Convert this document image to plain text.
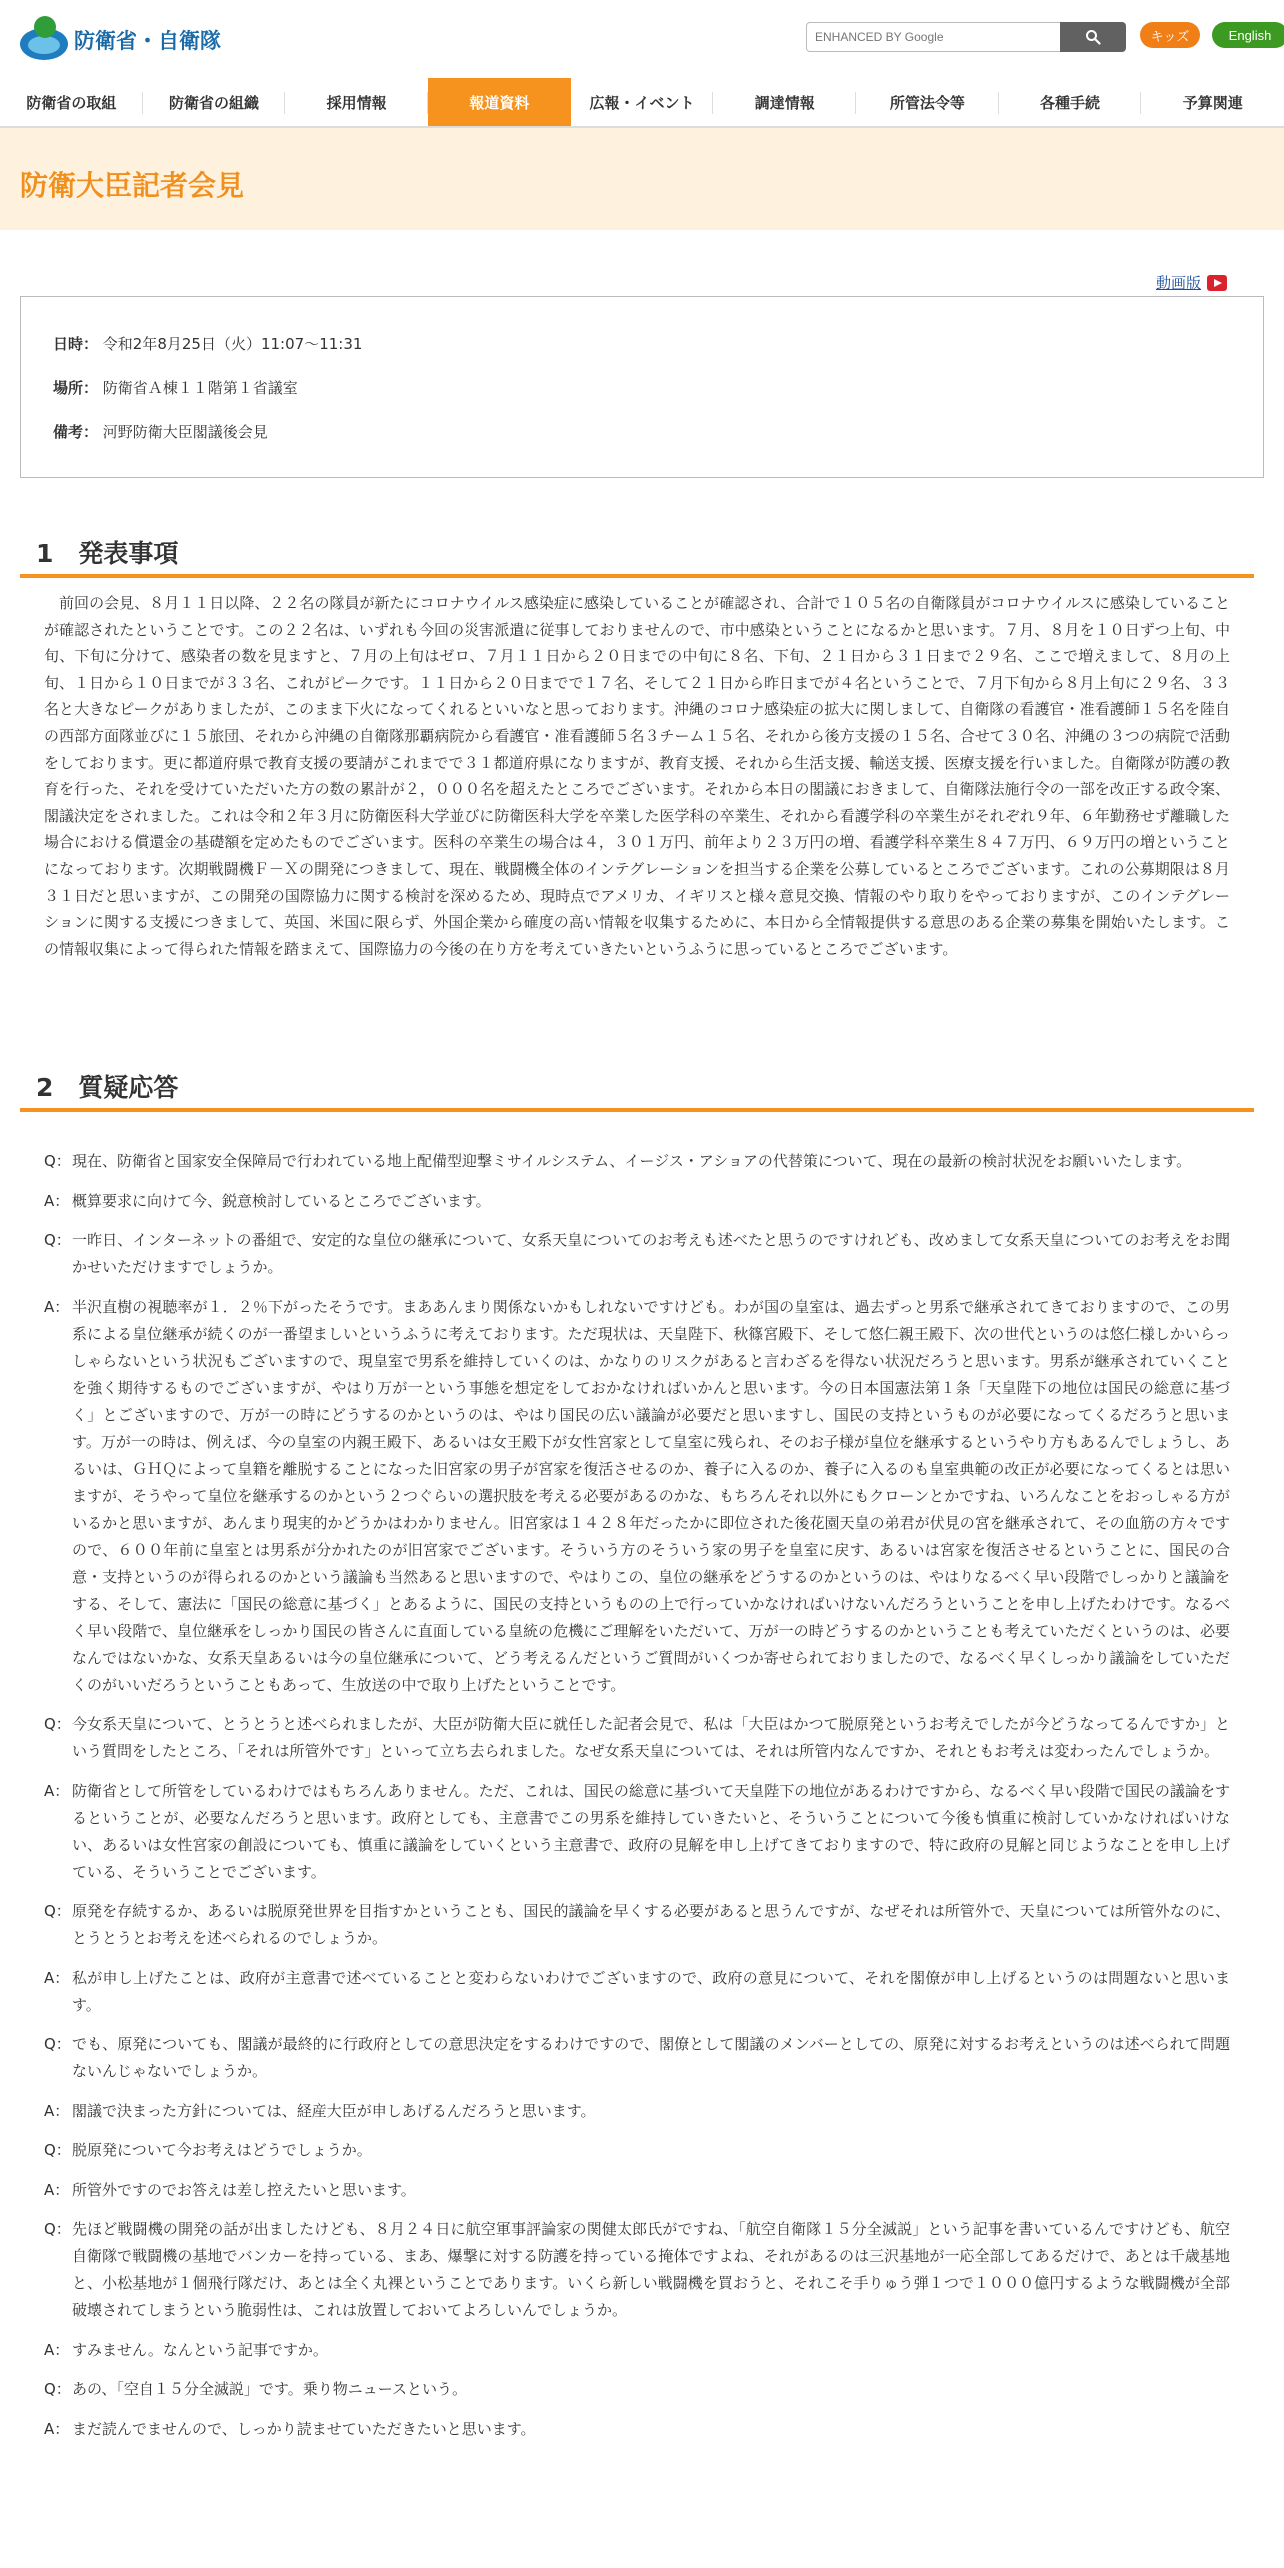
防衛省・自衛隊	ENHANCED BY Google	キッズ	English
防衛省の取組	防衛省の組織	採用情報	報道資料	広報・イベント	調達情報	所管法令等	各種手続	予算関連
防衛大臣記者会見
動画版
日時： 令和2年8月25日（火）11:07～11:31
場所： 防衛省Ａ棟１１階第１省議室
備考： 河野防衛大臣閣議後会見
1　発表事項

　前回の会見、８月１１日以降、２２名の隊員が新たにコロナウイルス感染症に感染していることが確認され、合計で１０５名の自衛隊員がコロナウイルスに感染していることが確認されたということです。この２２名は、いずれも今回の災害派遣に従事しておりませんので、市中感染ということになるかと思います。７月、８月を１０日ずつ上旬、中旬、下旬に分けて、感染者の数を見ますと、７月の上旬はゼロ、７月１１日から２０日までの中旬に８名、下旬、２１日から３１日まで２９名、ここで増えまして、８月の上旬、１日から１０日までが３３名、これがピークです。１１日から２０日までで１７名、そして２１日から昨日までが４名ということで、７月下旬から８月上旬に２９名、３３名と大きなピークがありましたが、このまま下火になってくれるといいなと思っております。沖縄のコロナ感染症の拡大に関しまして、自衛隊の看護官・准看護師１５名を陸自の西部方面隊並びに１５旅団、それから沖縄の自衛隊那覇病院から看護官・准看護師５名３チーム１５名、それから後方支援の１５名、合せて３０名、沖縄の３つの病院で活動をしております。更に都道府県で教育支援の要請がこれまでで３１都道府県になりますが、教育支援、それから生活支援、輸送支援、医療支援を行いました。自衛隊が防護の教育を行った、それを受けていただいた方の数の累計が２，０００名を超えたところでございます。それから本日の閣議におきまして、自衛隊法施行令の一部を改正する政令案、閣議決定をされました。これは令和２年３月に防衛医科大学並びに防衛医科大学を卒業した医学科の卒業生、それから看護学科の卒業生がそれぞれ９年、６年勤務せず離職した場合における償還金の基礎額を定めたものでございます。医科の卒業生の場合は４，３０１万円、前年より２３万円の増、看護学科卒業生８４７万円、６９万円の増ということになっております。次期戦闘機Ｆ－Ｘの開発につきまして、現在、戦闘機全体のインテグレーションを担当する企業を公募しているところでございます。これの公募期限は８月３１日だと思いますが、この開発の国際協力に関する検討を深めるため、現時点でアメリカ、イギリスと様々意見交換、情報のやり取りをやっておりますが、このインテグレーションに関する支援につきまして、英国、米国に限らず、外国企業から確度の高い情報を収集するために、本日から全情報提供する意思のある企業の募集を開始いたします。この情報収集によって得られた情報を踏まえて、国際協力の今後の在り方を考えていきたいというふうに思っているところでございます。

2　質疑応答
Q： 現在、防衛省と国家安全保障局で行われている地上配備型迎撃ミサイルシステム、イージス・アショアの代替策について、現在の最新の検討状況をお願いいたします。
A： 概算要求に向けて今、鋭意検討しているところでございます。
Q： 一昨日、インターネットの番組で、安定的な皇位の継承について、女系天皇についてのお考えも述べたと思うのですけれども、改めまして女系天皇についてのお考えをお聞かせいただけますでしょうか。
A： 半沢直樹の視聴率が１．２％下がったそうです。まああんまり関係ないかもしれないですけども。わが国の皇室は、過去ずっと男系で継承されてきておりますので、この男系による皇位継承が続くのが一番望ましいというふうに考えております。ただ現状は、天皇陛下、秋篠宮殿下、そして悠仁親王殿下、次の世代というのは悠仁様しかいらっしゃらないという状況もございますので、現皇室で男系を維持していくのは、かなりのリスクがあると言わざるを得ない状況だろうと思います。男系が継承されていくことを強く期待するものでございますが、やはり万が一という事態を想定をしておかなければいかんと思います。今の日本国憲法第１条「天皇陛下の地位は国民の総意に基づく」とございますので、万が一の時にどうするのかというのは、やはり国民の広い議論が必要だと思いますし、国民の支持というものが必要になってくるだろうと思います。万が一の時は、例えば、今の皇室の内親王殿下、あるいは女王殿下が女性宮家として皇室に残られ、そのお子様が皇位を継承するというやり方もあるんでしょうし、あるいは、ＧＨＱによって皇籍を離脱することになった旧宮家の男子が宮家を復活させるのか、養子に入るのか、養子に入るのも皇室典範の改正が必要になってくるとは思いますが、そうやって皇位を継承するのかという２つぐらいの選択肢を考える必要があるのかな、もちろんそれ以外にもクローンとかですね、いろんなことをおっしゃる方がいるかと思いますが、あんまり現実的かどうかはわかりません。旧宮家は１４２８年だったかに即位された後花園天皇の弟君が伏見の宮を継承されて、その血筋の方々ですので、６００年前に皇室とは男系が分かれたのが旧宮家でございます。そういう方のそういう家の男子を皇室に戻す、あるいは宮家を復活させるということに、国民の合意・支持というのが得られるのかという議論も当然あると思いますので、やはりこの、皇位の継承をどうするのかというのは、やはりなるべく早い段階でしっかりと議論をする、そして、憲法に「国民の総意に基づく」とあるように、国民の支持というものの上で行っていかなければいけないんだろうということを申し上げたわけです。なるべく早い段階で、皇位継承をしっかり国民の皆さんに直面している皇統の危機にご理解をいただいて、万が一の時どうするのかということも考えていただくというのは、必要なんではないかな、女系天皇あるいは今の皇位継承について、どう考えるんだというご質問がいくつか寄せられておりましたので、なるべく早くしっかり議論をしていただくのがいいだろうということもあって、生放送の中で取り上げたということです。
Q： 今女系天皇について、とうとうと述べられましたが、大臣が防衛大臣に就任した記者会見で、私は「大臣はかつて脱原発というお考えでしたが今どうなってるんですか」という質問をしたところ、「それは所管外です」といって立ち去られました。なぜ女系天皇については、それは所管内なんですか、それともお考えは変わったんでしょうか。
A： 防衛省として所管をしているわけではもちろんありません。ただ、これは、国民の総意に基づいて天皇陛下の地位があるわけですから、なるべく早い段階で国民の議論をするということが、必要なんだろうと思います。政府としても、主意書でこの男系を維持していきたいと、そういうことについて今後も慎重に検討していかなければいけない、あるいは女性宮家の創設についても、慎重に議論をしていくという主意書で、政府の見解を申し上げてきておりますので、特に政府の見解と同じようなことを申し上げている、そういうことでございます。
Q： 原発を存続するか、あるいは脱原発世界を目指すかということも、国民的議論を早くする必要があると思うんですが、なぜそれは所管外で、天皇については所管外なのに、とうとうとお考えを述べられるのでしょうか。
A： 私が申し上げたことは、政府が主意書で述べていることと変わらないわけでございますので、政府の意見について、それを閣僚が申し上げるというのは問題ないと思います。
Q： でも、原発についても、閣議が最終的に行政府としての意思決定をするわけですので、閣僚として閣議のメンバーとしての、原発に対するお考えというのは述べられて問題ないんじゃないでしょうか。
A： 閣議で決まった方針については、経産大臣が申しあげるんだろうと思います。
Q： 脱原発について今お考えはどうでしょうか。
A： 所管外ですのでお答えは差し控えたいと思います。
Q： 先ほど戦闘機の開発の話が出ましたけども、８月２４日に航空軍事評論家の関健太郎氏がですね、「航空自衛隊１５分全滅説」という記事を書いているんですけども、航空自衛隊で戦闘機の基地でバンカーを持っている、まあ、爆撃に対する防護を持っている掩体ですよね、それがあるのは三沢基地が一応全部してあるだけで、あとは千歳基地と、小松基地が１個飛行隊だけ、あとは全く丸裸ということであります。いくら新しい戦闘機を買おうと、それこそ手りゅう弾１つで１０００億円するような戦闘機が全部破壊されてしまうという脆弱性は、これは放置しておいてよろしいんでしょうか。
A： すみません。なんという記事ですか。
Q： あの、「空自１５分全滅説」です。乗り物ニュースという。
A： まだ読んでませんので、しっかり読ませていただきたいと思います。
